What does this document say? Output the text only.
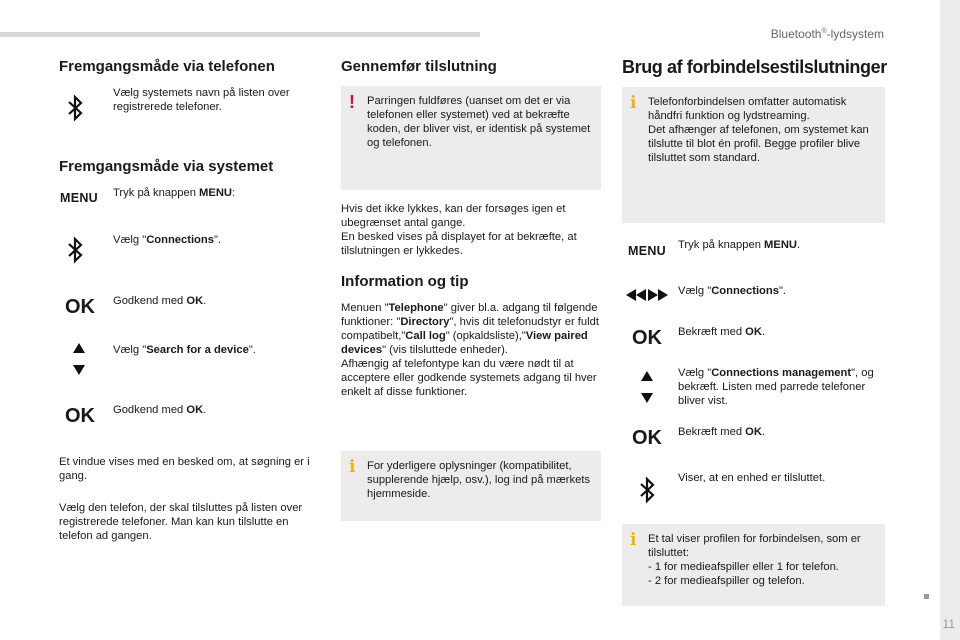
Bluetooth®-lydsystem
11
Fremgangsmåde via telefonen
Vælg systemets navn på listen over registrerede telefoner.
Fremgangsmåde via systemet
MENU Tryk på knappen MENU:
Vælg "Connections".
OK	Godkend med OK.
Vælg "Search for a device".
OK	Godkend med OK.
Et vindue vises med en besked om, at søgning er i gang.
Vælg den telefon, der skal tilsluttes på listen over registrerede telefoner. Man kan kun tilslutte en telefon ad gangen.
Gennemfør tilslutning
! Parringen fuldføres (uanset om det er via telefonen eller systemet) ved at bekræfte koden, der bliver vist, er identisk på systemet og telefonen.
Hvis det ikke lykkes, kan der forsøges igen et ubegrænset antal gange.
En besked vises på displayet for at bekræfte, at tilslutningen er lykkedes.
Information og tip
Menuen "Telephone" giver bl.a. adgang til følgende funktioner: "Directory", hvis dit telefonudstyr er fuldt compatibelt,"Call log" (opkaldsliste),"View paired devices" (vis tilsluttede enheder).
Afhængig af telefontype kan du være nødt til at acceptere eller godkende systemets adgang til hver enkelt af disse funktioner.
i For yderligere oplysninger (kompatibilitet, supplerende hjælp, osv.), log ind på mærkets hjemmeside.
Brug af forbindelsestilslutninger
i Telefonforbindelsen omfatter automatisk håndfri funktion og lydstreaming.
Det afhænger af telefonen, om systemet kan tilslutte til blot én profil. Begge profiler blive tilsluttet som standard.
MENU Tryk på knappen MENU.
Vælg "Connections".
OK	Bekræft med OK.
Vælg "Connections management", og bekræft. Listen med parrede telefoner bliver vist.
OK	Bekræft med OK.
Viser, at en enhed er tilsluttet.
i Et tal viser profilen for forbindelsen, som er tilsluttet:
- 1 for medieafspiller eller 1 for telefon.
- 2 for medieafspiller og telefon.
